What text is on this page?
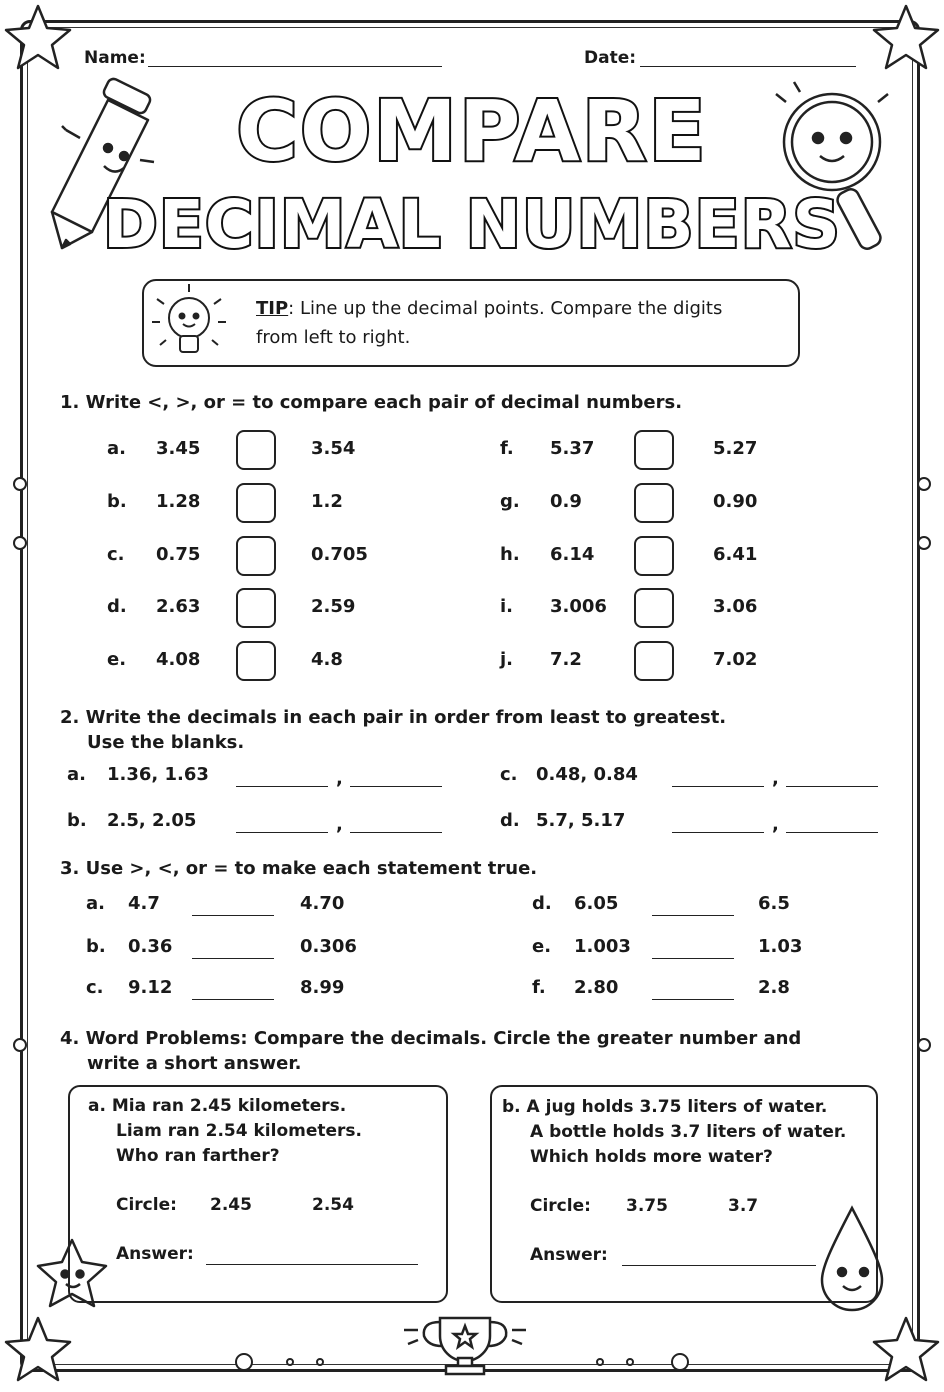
Name:	Date:
COMPARE
DECIMAL NUMBERS
TIP: Line up the decimal points. Compare the digits
from left to right.
1. Write <, >, or = to compare each pair of decimal numbers.
a. 3.45	3.54
b. 1.28	1.2
c. 0.75	0.705
d. 2.63	2.59
e. 4.08	4.8
f. 5.37	5.27
g. 0.9	0.90
h. 6.14	6.41
i. 3.006	3.06
j. 7.2	7.02
2. Write the decimals in each pair in order from least to greatest.
Use the blanks.
a. 1.36, 1.63	,
b. 2.5, 2.05	,
c. 0.48, 0.84	,
d. 5.7, 5.17	,
3. Use >, <, or = to make each statement true.
a. 4.7	4.70
b. 0.36	0.306
c. 9.12	8.99
d. 6.05	6.5
e. 1.003	1.03
f. 2.80	2.8
4. Word Problems: Compare the decimals. Circle the greater number and
write a short answer.
a. Mia ran 2.45 kilometers.
Liam ran 2.54 kilometers.
Who ran farther?
Circle: 2.45	2.54
Answer:
b. A jug holds 3.75 liters of water.
A bottle holds 3.7 liters of water.
Which holds more water?
Circle: 3.75	3.7
Answer:
